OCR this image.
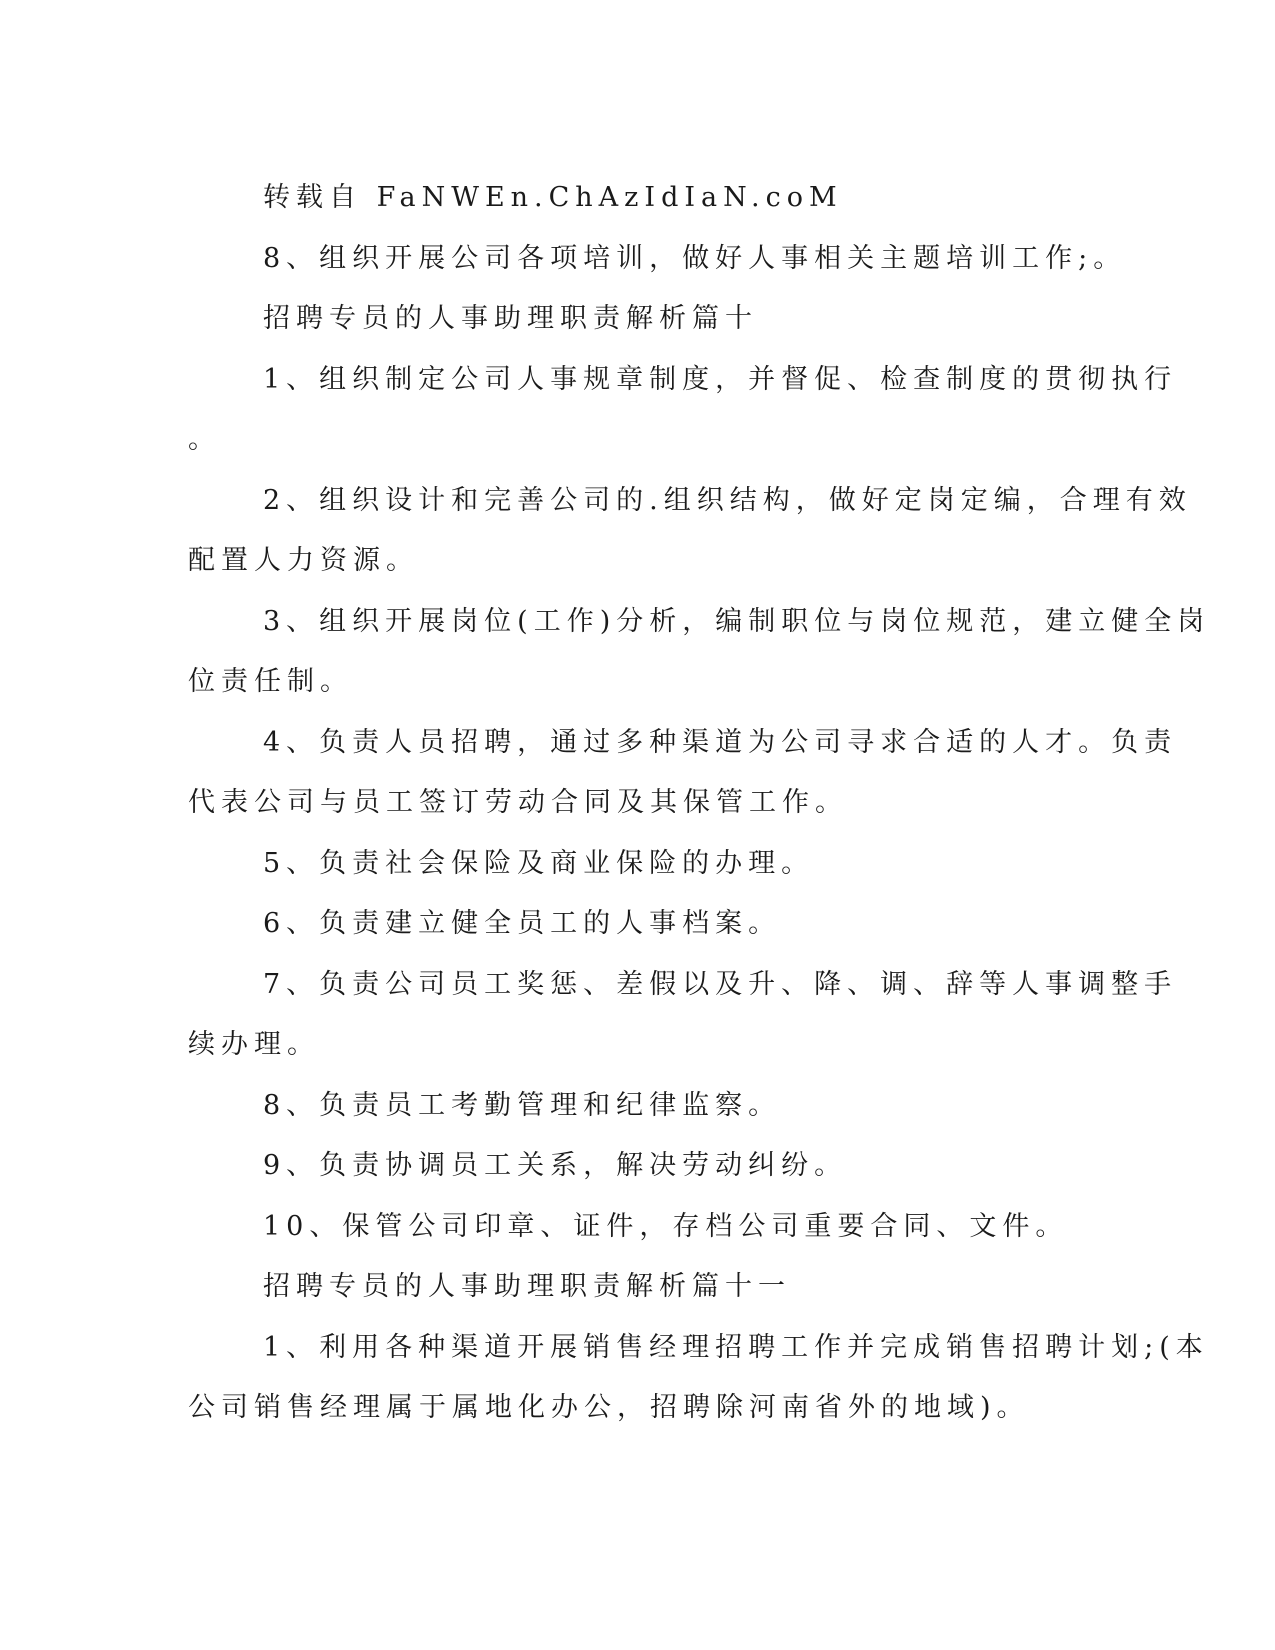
转载自 FaNWEn.ChAzIdIaN.coM
8、组织开展公司各项培训，做好人事相关主题培训工作;。
招聘专员的人事助理职责解析篇十
1、组织制定公司人事规章制度，并督促、检查制度的贯彻执行
。
2、组织设计和完善公司的.组织结构，做好定岗定编，合理有效
配置人力资源。
3、组织开展岗位(工作)分析，编制职位与岗位规范，建立健全岗
位责任制。
4、负责人员招聘，通过多种渠道为公司寻求合适的人才。负责
代表公司与员工签订劳动合同及其保管工作。
5、负责社会保险及商业保险的办理。
6、负责建立健全员工的人事档案。
7、负责公司员工奖惩、差假以及升、降、调、辞等人事调整手
续办理。
8、负责员工考勤管理和纪律监察。
9、负责协调员工关系，解决劳动纠纷。
10、保管公司印章、证件，存档公司重要合同、文件。
招聘专员的人事助理职责解析篇十一
1、利用各种渠道开展销售经理招聘工作并完成销售招聘计划;(本
公司销售经理属于属地化办公，招聘除河南省外的地域)。
